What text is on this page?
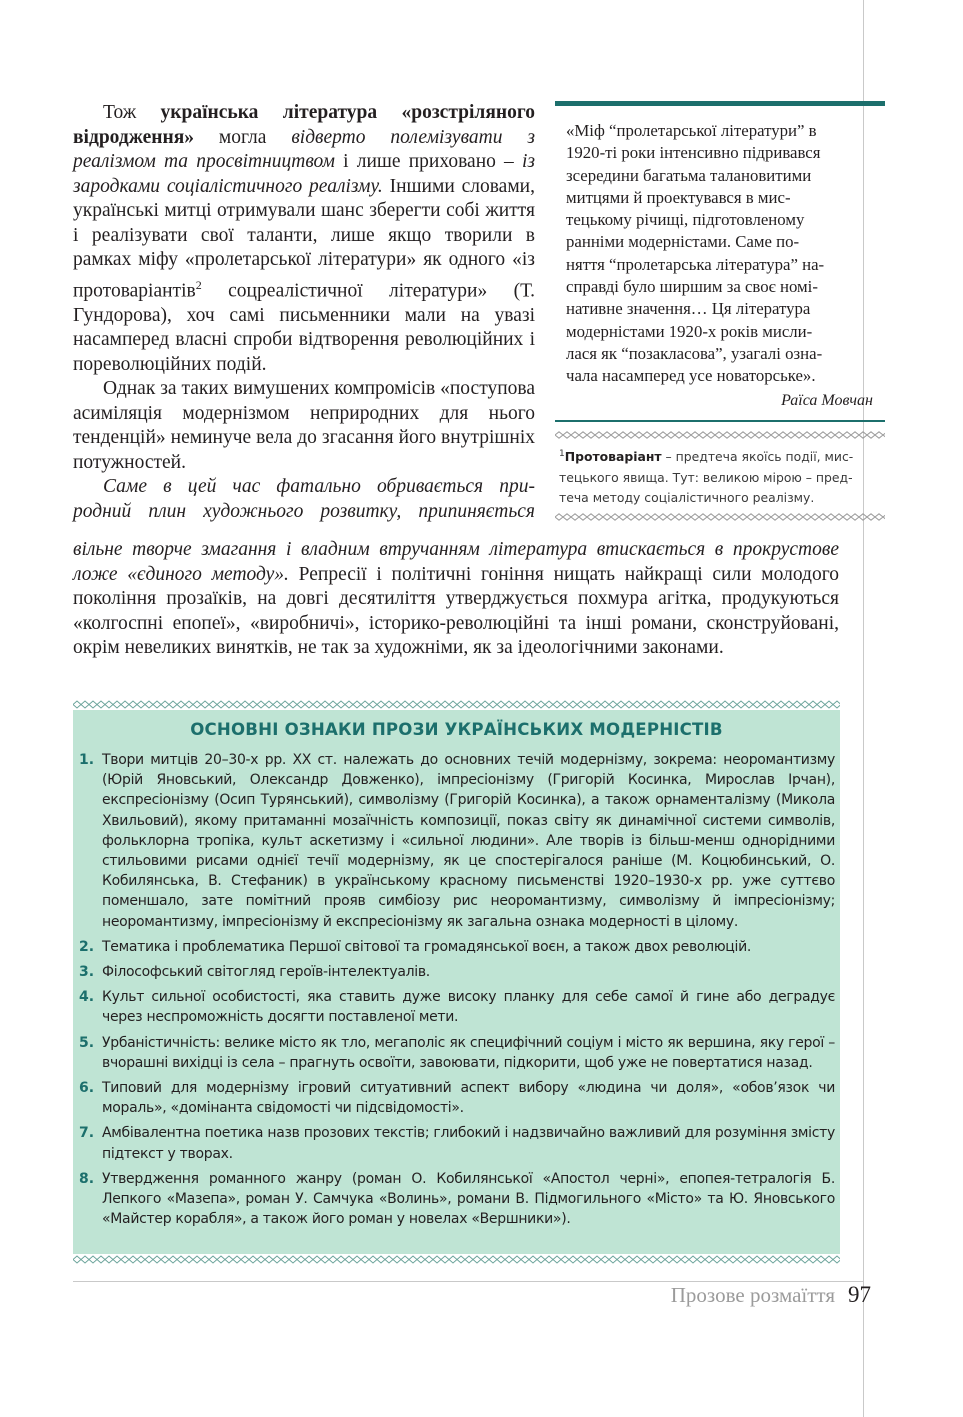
«Міф “пролетарської літератури” в
1920-ті роки інтенсивно підривався
зсередини багатьма талановитими
митцями й проектувався в мис-
тецькому річищі, підготовленому
ранніми модерністами. Саме по-
няття “пролетарська література” на-
справді було ширшим за своє номі-
нативне значення… Ця література
модерністами 1920-х років мисли-
лася як “позакласова”, узагалі озна-
чала насамперед усе новаторське».
Раїса Мовчан
$^1$Протоваріант – предтеча якоїсь події, мис-
тецького явища. Тут: великою мірою – пред-
теча методу соціалістичного реалізму.

Тож українська література «розстріляного відродження» могла відверто полемізувати з реалізмом та просвітництвом і лише приховано – із зародками соціалістичного реалізму. Іншими словами, українські митці отримували шанс зберегти собі життя і реалізувати свої таланти, лише якщо творили в рамках міфу «пролетарської літератури» як одного «із протоваріантів$^2$ соцреалістичної літератури» (Т. Гундорова), хоч самі письменники мали на увазі насамперед власні спроби відтворення революційних і пореволюційних подій.

Однак за таких вимушених компромісів «поступова асиміляція модернізмом неприродних для нього тенденцій» неминуче вела до згасання його внутрішніх потужностей.

Саме в цей час фатально обривається при-

родний плин художнього розвитку, припиняється

вільне творче змагання і владним втручанням література втискається в прокрустове ложе «єдиного методу». Репресії і політичні гоніння нищать найкращі сили молодого покоління прозаїків, на довгі десятиліття утверджується похмура агітка, продукуються «колгоспні епопеї», «виробничі», історико-революційні та інші романи, сконструйовані, окрім невеликих винятків, не так за художніми, як за ідеологічними законами.

ОСНОВНІ ОЗНАКИ ПРОЗИ УКРАЇНСЬКИХ МОДЕРНІСТІВ
1. Твори митців 20–30-х рр. XX ст. належать до основних течій модернізму, зокрема: неоромантизму (Юрій Яновський, Олександр Довженко), імпресіонізму (Григорій Косинка, Мирослав Ірчан), експресіонізму (Осип Турянський), символізму (Григорій Косинка), а також орнаменталізму (Микола Хвильовий), якому притаманні мозаїчність композиції, показ світу як динамічної системи символів, фольклорна тропіка, культ аскетизму і «сильної людини». Але творів із більш-менш однорідними стильовими рисами однієї течії модернізму, як це спостерігалося раніше (М. Коцюбинський, О. Кобилянська, В. Стефаник) в українському красному письменстві 1920–1930-х рр. уже суттєво поменшало, зате помітний прояв симбіозу рис неоромантизму, символізму й імпресіонізму; неоромантизму, імпресіонізму й експресіонізму як загальна ознака модерності в цілому.
2. Тематика і проблематика Першої світової та громадянської воєн, а також двох революцій.
3. Філософський світогляд героїв-інтелектуалів.
4. Культ сильної особистості, яка ставить дуже високу планку для себе самої й гине або деградує через неспроможність досягти поставленої мети.
5. Урбаністичність: велике місто як тло, мегаполіс як специфічний соціум і місто як вершина, яку герої – вчорашні вихідці із села – прагнуть освоїти, завоювати, підкорити, щоб уже не повертатися назад.
6. Типовий для модернізму ігровий ситуативний аспект вибору «людина чи доля», «обов’язок чи мораль», «домінанта свідомості чи підсвідомості».
7. Амбівалентна поетика назв прозових текстів; глибокий і надзвичайно важливий для розуміння змісту підтекст у творах.
8. Утвердження романного жанру (роман О. Кобилянської «Апостол черні», епопея-тетралогія Б. Лепкого «Мазепа», роман У. Самчука «Волинь», романи В. Підмогильного «Місто» та Ю. Яновського «Майстер корабля», а також його роман у новелах «Вершники»).
Прозове розмаїття 97
